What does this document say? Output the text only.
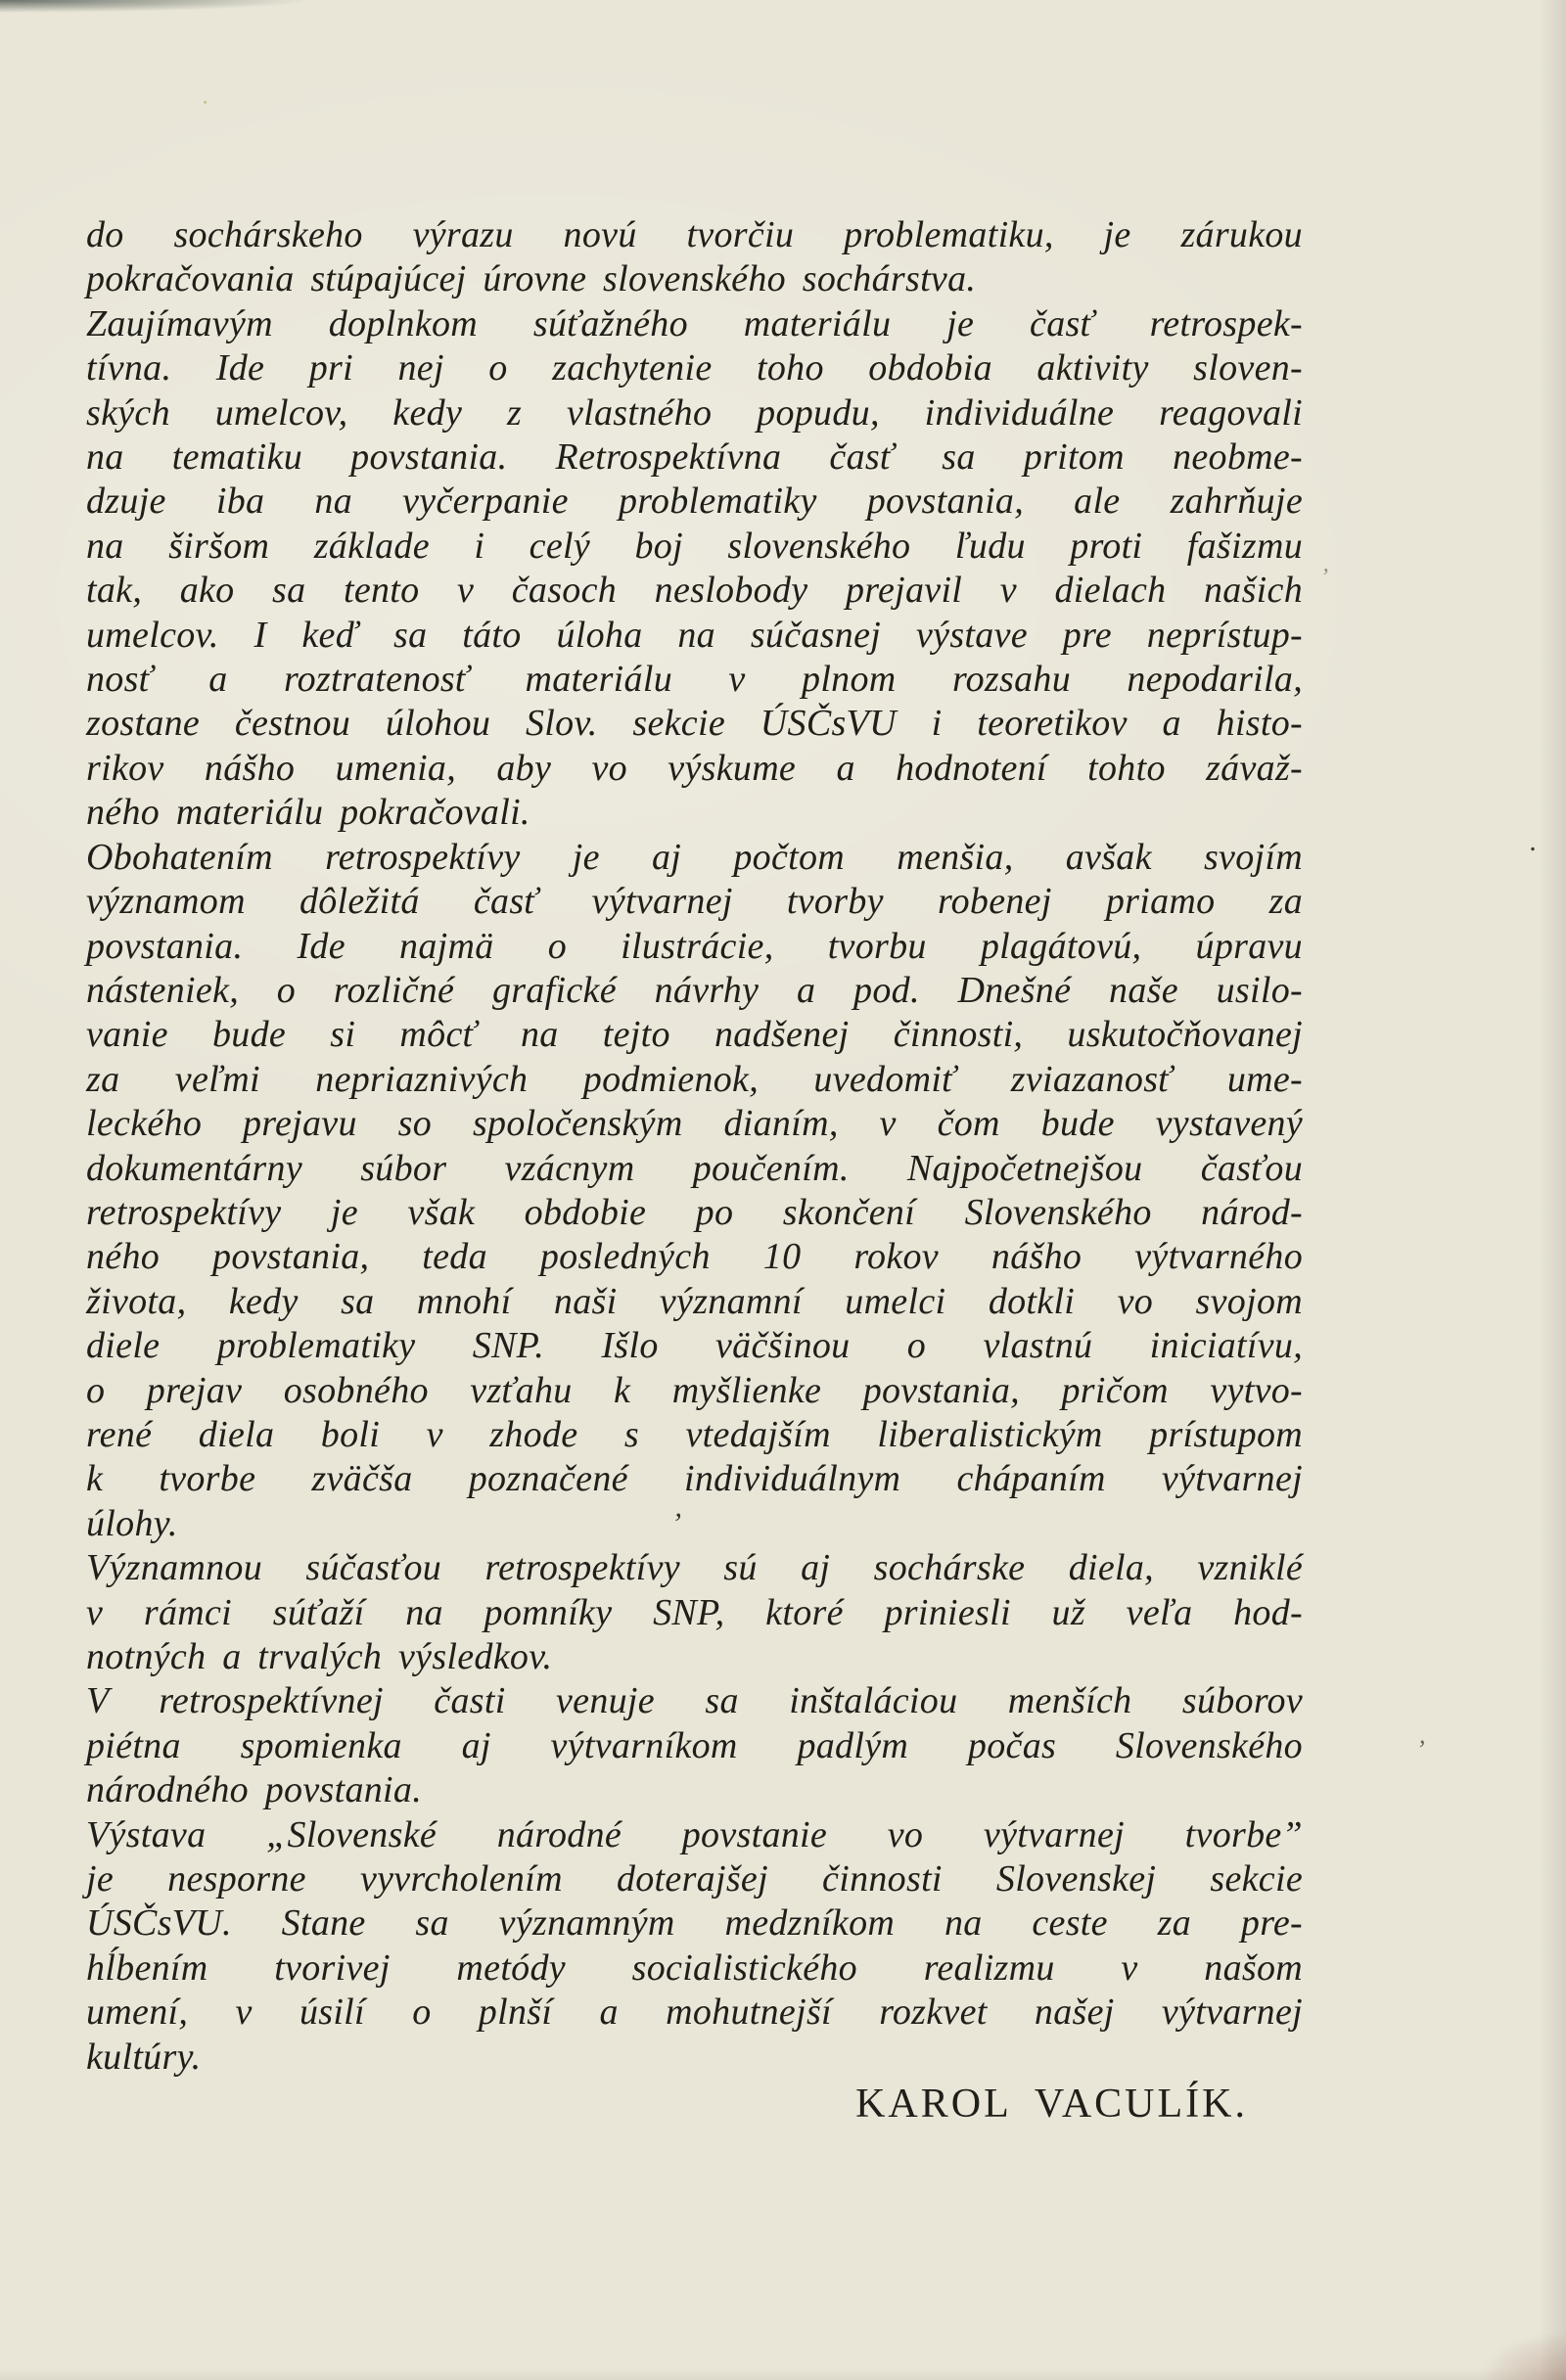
do sochárskeho výrazu novú tvorčiu problematiku, je zárukou
pokračovania stúpajúcej úrovne slovenského sochárstva.
Zaujímavým doplnkom súťažného materiálu je časť retrospek-
tívna. Ide pri nej o zachytenie toho obdobia aktivity sloven-
ských umelcov, kedy z vlastného popudu, individuálne reagovali
na tematiku povstania. Retrospektívna časť sa pritom neobme-
dzuje iba na vyčerpanie problematiky povstania, ale zahrňuje
na širšom základe i celý boj slovenského ľudu proti fašizmu
tak, ako sa tento v časoch neslobody prejavil v dielach našich
umelcov. I keď sa táto úloha na súčasnej výstave pre neprístup-
nosť a roztratenosť materiálu v plnom rozsahu nepodarila,
zostane čestnou úlohou Slov. sekcie ÚSČsVU i teoretikov a histo-
rikov nášho umenia, aby vo výskume a hodnotení tohto závaž-
ného materiálu pokračovali.
Obohatením retrospektívy je aj počtom menšia, avšak svojím
významom dôležitá časť výtvarnej tvorby robenej priamo za
povstania. Ide najmä o ilustrácie, tvorbu plagátovú, úpravu
násteniek, o rozličné grafické návrhy a pod. Dnešné naše usilo-
vanie bude si môcť na tejto nadšenej činnosti, uskutočňovanej
za veľmi nepriaznivých podmienok, uvedomiť zviazanosť ume-
leckého prejavu so spoločenským dianím, v čom bude vystavený
dokumentárny súbor vzácnym poučením. Najpočetnejšou časťou
retrospektívy je však obdobie po skončení Slovenského národ-
ného povstania, teda posledných 10 rokov nášho výtvarného
života, kedy sa mnohí naši významní umelci dotkli vo svojom
diele problematiky SNP. Išlo väčšinou o vlastnú iniciatívu,
o prejav osobného vzťahu k myšlienke povstania, pričom vytvo-
rené diela boli v zhode s vtedajším liberalistickým prístupom
k tvorbe zväčša poznačené individuálnym chápaním výtvarnej
úlohy.
Významnou súčasťou retrospektívy sú aj sochárske diela, vzniklé
v rámci súťaží na pomníky SNP, ktoré priniesli už veľa hod-
notných a trvalých výsledkov.
V retrospektívnej časti venuje sa inštaláciou menších súborov
piétna spomienka aj výtvarníkom padlým počas Slovenského
národného povstania.
Výstava „Slovenské národné povstanie vo výtvarnej tvorbe”
je nesporne vyvrcholením doterajšej činnosti Slovenskej sekcie
ÚSČsVU. Stane sa významným medzníkom na ceste za pre-
hĺbením tvorivej metódy socialistického realizmu v našom
umení, v úsilí o plnší a mohutnejší rozkvet našej výtvarnej
kultúry.
KAROL VACULÍK.
’
’
’
.
·
